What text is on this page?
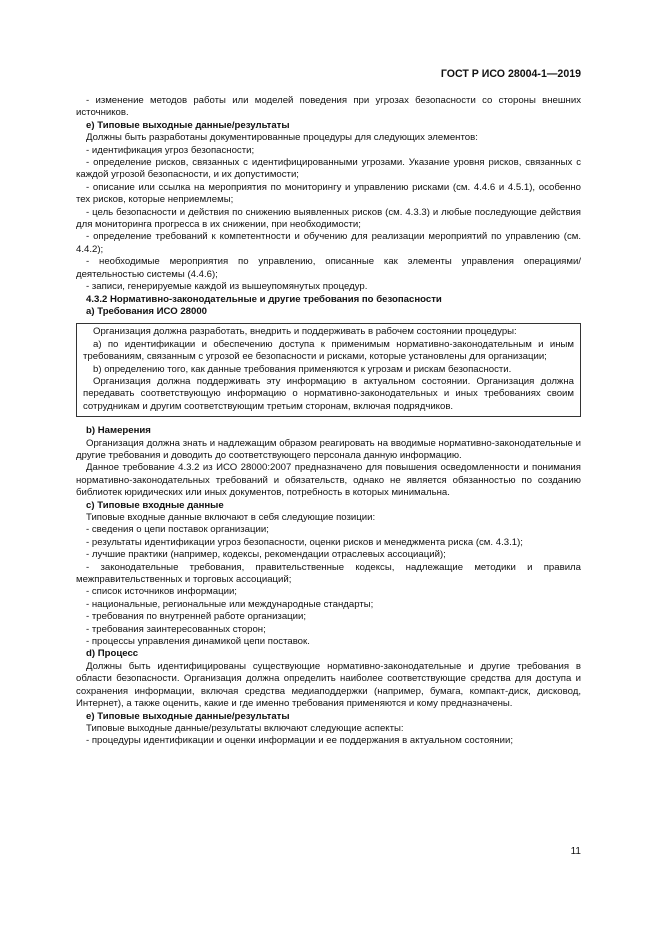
ГОСТ Р ИСО 28004-1—2019

- изменение методов работы или моделей поведения при угрозах безопасности со стороны внешних источников.

e) Типовые выходные данные/результаты

Должны быть разработаны документированные процедуры для следующих элементов:

- идентификация угроз безопасности;

- определение рисков, связанных с идентифицированными угрозами. Указание уровня рисков, связанных с каждой угрозой безопасности, и их допустимости;

- описание или ссылка на мероприятия по мониторингу и управлению рисками (см. 4.4.6 и 4.5.1), особенно тех рисков, которые неприемлемы;

- цель безопасности и действия по снижению выявленных рисков (см. 4.3.3) и любые последующие действия для мониторинга прогресса в их снижении, при необходимости;

- определение требований к компетентности и обучению для реализации мероприятий по управлению (см. 4.4.2);

- необходимые мероприятия по управлению, описанные как элементы управления операциями/ деятельностью системы (4.4.6);

- записи, генерируемые каждой из вышеупомянутых процедур.

4.3.2 Нормативно-законодательные и другие требования по безопасности

a) Требования ИСО 28000

Организация должна разработать, внедрить и поддерживать в рабочем состоянии процедуры:

a) по идентификации и обеспечению доступа к применимым нормативно-законодательным и иным требованиям, связанным с угрозой ее безопасности и рисками, которые установлены для организации;

b) определению того, как данные требования применяются к угрозам и рискам безопасности.

Организация должна поддерживать эту информацию в актуальном состоянии. Организация должна передавать соответствующую информацию о нормативно-законодательных и иных требованиях своим сотрудникам и другим соответствующим третьим сторонам, включая подрядчиков.

b) Намерения

Организация должна знать и надлежащим образом реагировать на вводимые нормативно-законодательные и другие требования и доводить до соответствующего персонала данную информацию.

Данное требование 4.3.2 из ИСО 28000:2007 предназначено для повышения осведомленности и понимания нормативно-законодательных требований и обязательств, однако не является обязанностью по созданию библиотек юридических или иных документов, потребность в которых минимальна.

c) Типовые входные данные

Типовые входные данные включают в себя следующие позиции:

- сведения о цепи поставок организации;

- результаты идентификации угроз безопасности, оценки рисков и менеджмента риска (см. 4.3.1);

- лучшие практики (например, кодексы, рекомендации отраслевых ассоциаций);

- законодательные требования, правительственные кодексы, надлежащие методики и правила межправительственных и торговых ассоциаций;

- список источников информации;

- национальные, региональные или международные стандарты;

- требования по внутренней работе организации;

- требования заинтересованных сторон;

- процессы управления динамикой цепи поставок.

d) Процесс

Должны быть идентифицированы существующие нормативно-законодательные и другие требования в области безопасности. Организация должна определить наиболее соответствующие средства для доступа и сохранения информации, включая средства медиаподдержки (например, бумага, компакт-диск, дисковод, Интернет), а также оценить, какие и где именно требования применяются и кому предназначены.

e) Типовые выходные данные/результаты

Типовые выходные данные/результаты включают следующие аспекты:

- процедуры идентификации и оценки информации и ее поддержания в актуальном состоянии;

11
